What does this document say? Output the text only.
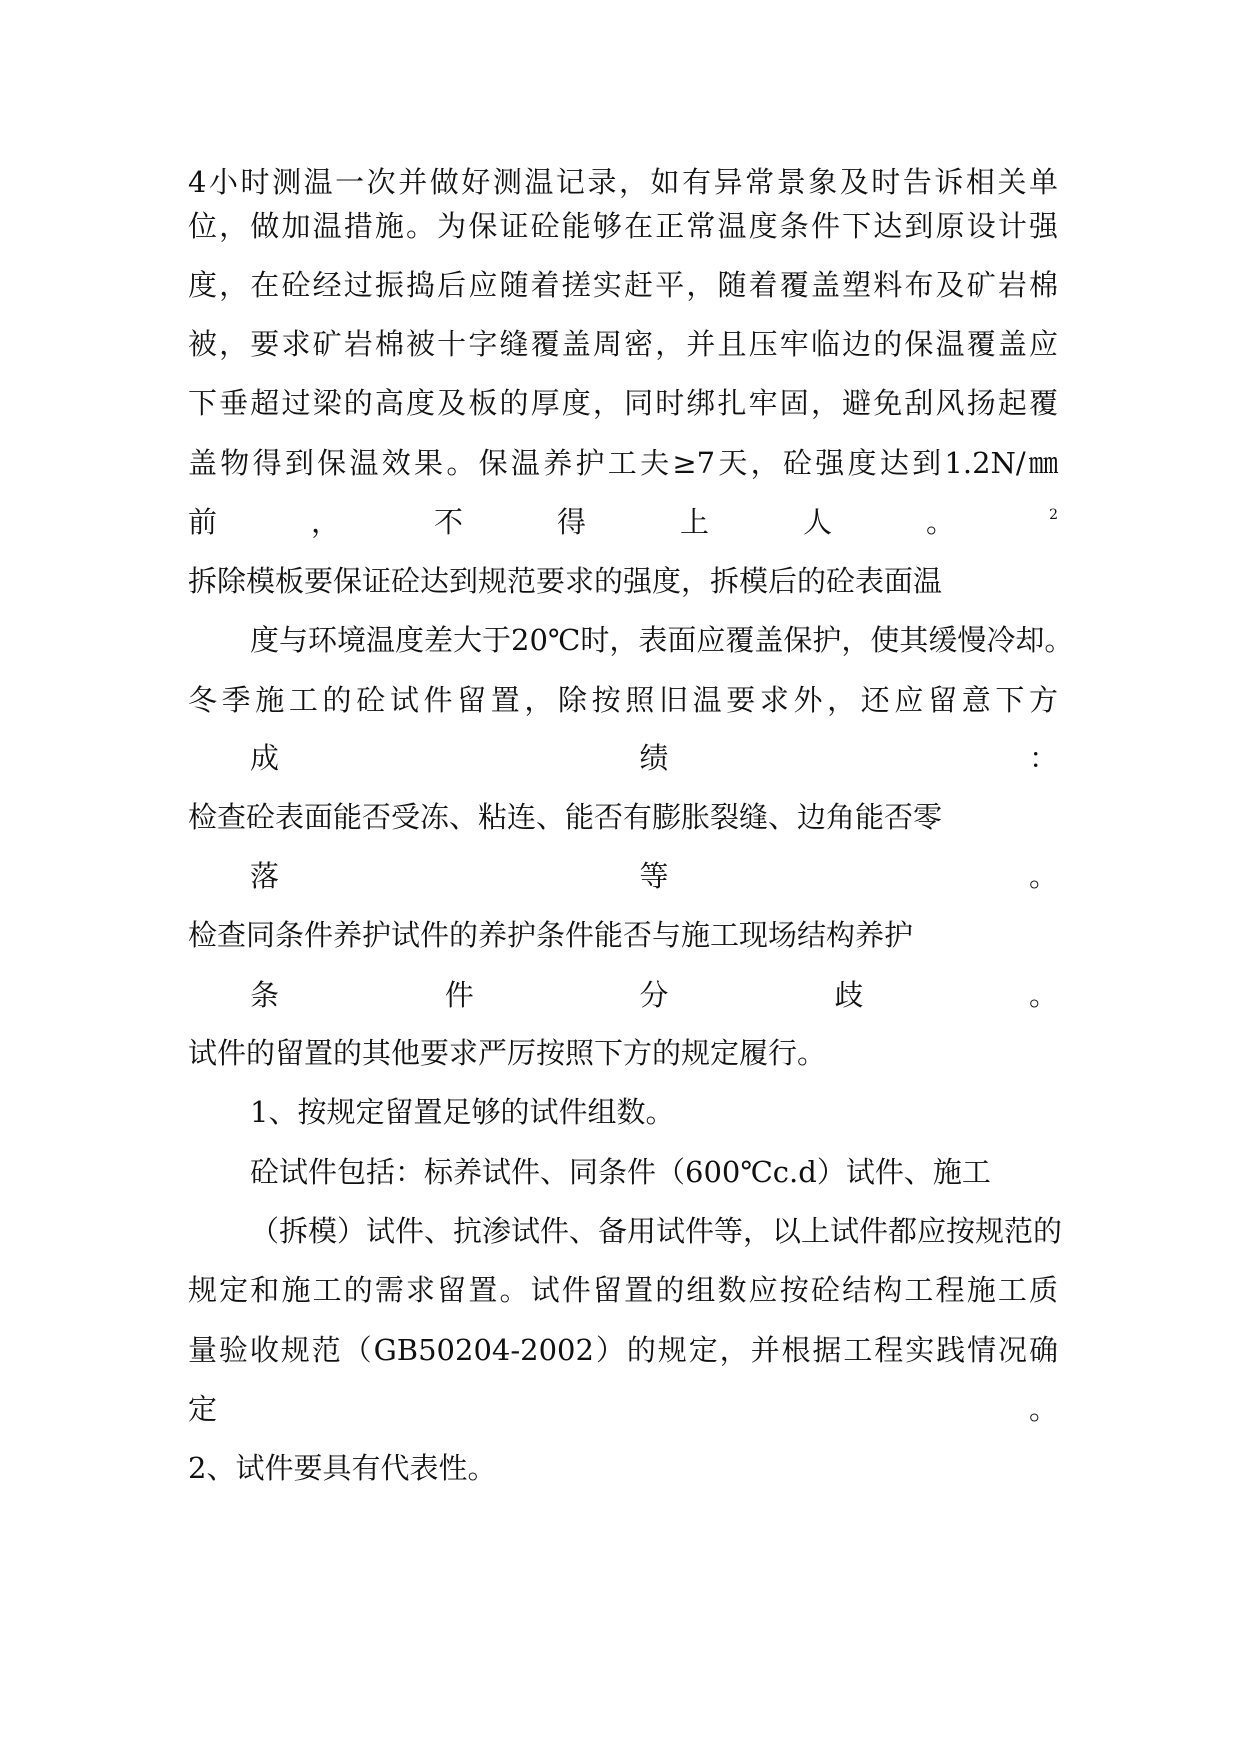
4小时测温一次并做好测温记录，如有异常景象及时告诉相关单
位，做加温措施。为保证砼能够在正常温度条件下达到原设计强
度，在砼经过振捣后应随着搓实赶平，随着覆盖塑料布及矿岩棉
被，要求矿岩棉被十字缝覆盖周密，并且压牢临边的保温覆盖应
下垂超过梁的高度及板的厚度，同时绑扎牢固，避免刮风扬起覆
盖物得到保温效果。保温养护工夫≥7天，砼强度达到1.2N/㎜
前，不得上人。$^2$
拆除模板要保证砼达到规范要求的强度，拆模后的砼表面温
度与环境温度差大于20℃时，表面应覆盖保护，使其缓慢冷却。
冬季施工的砼试件留置，除按照旧温要求外，还应留意下方
成绩：
检查砼表面能否受冻、粘连、能否有膨胀裂缝、边角能否零
落等。
检查同条件养护试件的养护条件能否与施工现场结构养护
条件分歧。
试件的留置的其他要求严厉按照下方的规定履行。
1、按规定留置足够的试件组数。
砼试件包括：标养试件、同条件（600℃c.d）试件、施工
（拆模）试件、抗渗试件、备用试件等，以上试件都应按规范的
规定和施工的需求留置。试件留置的组数应按砼结构工程施工质
量验收规范（GB50204-2002）的规定，并根据工程实践情况确
定。
2、试件要具有代表性。
